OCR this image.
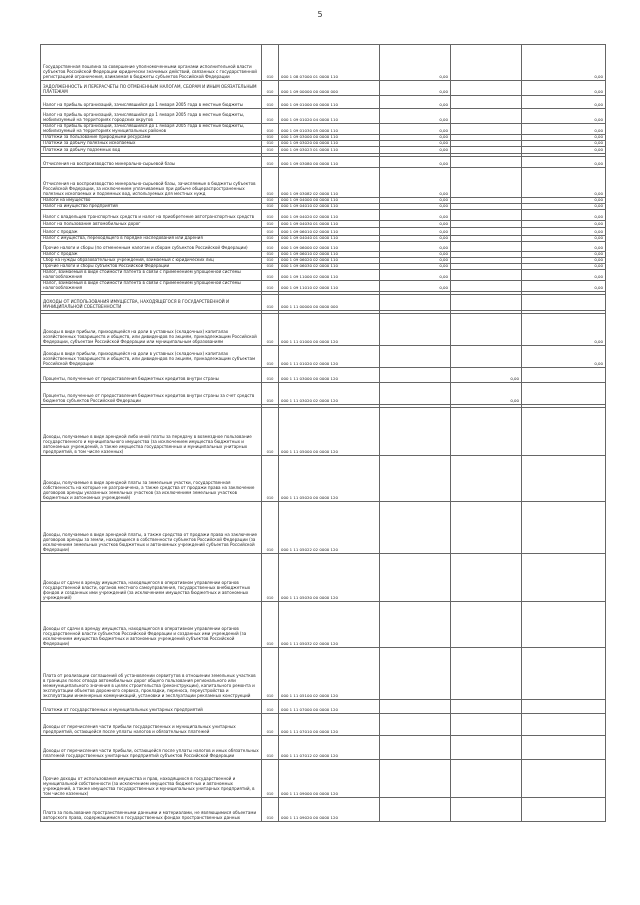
5
Государственная пошлина за совершение уполномоченными органами исполнительной власти субъектов Российской Федерации юридически значимых действий, связанных с государственной регистрацией ограничения, взимаемая в бюджеты субъектов Российской Федерации	010	000 1 08 07000 01 0000 110	0,00		0,00
ЗАДОЛЖЕННОСТЬ И ПЕРЕРАСЧЕТЫ ПО ОТМЕНЕННЫМ НАЛОГАМ, СБОРАМ И ИНЫМ ОБЯЗАТЕЛЬНЫМ ПЛАТЕЖАМ	010	000 1 09 00000 00 0000 000	0,00		0,00
Налог на прибыль организаций, зачислявшийся до 1 января 2005 года в местные бюджеты	010	000 1 09 01000 00 0000 110	0,00		0,00
Налог на прибыль организаций, зачислявшийся до 1 января 2005 года в местные бюджеты, мобилизуемый на территориях городских округов	010	000 1 09 01020 04 0000 110	0,00		0,00
Налог на прибыль организаций, зачислявшийся до 1 января 2005 года в местные бюджеты, мобилизуемый на территориях муниципальных районов	010	000 1 09 01030 05 0000 110	0,00		0,00
Платежи за пользование природными ресурсами	010	000 1 09 03000 00 0000 110	0,00		0,00
Платежи за добычу полезных ископаемых	010	000 1 09 03020 00 0000 110	0,00		0,00
Платежи за добычу подземных вод	010	000 1 09 03023 01 0000 110	0,00		0,00

Отчисления на воспроизводство минерально-сырьевой базы	010	000 1 09 03080 00 0000 110	0,00		0,00
Отчисления на воспроизводство минерально-сырьевой базы, зачисляемые в бюджеты субъектов Российской Федерации, за исключением уплачиваемых при добыче общераспространенных полезных ископаемых и подземных вод, используемых для местных нужд	010	000 1 09 03082 02 0000 110	0,00		0,00
Налоги на имущество	010	000 1 09 04000 00 0000 110	0,00		0,00
Налог на имущество предприятий	010	000 1 09 04010 02 0000 110	0,00		0,00
Налог с владельцев транспортных средств и налог на приобретение автотранспортных средств	010	000 1 09 04020 02 0000 110	0,00		0,00
Налог на пользование автомобильных дорог	010	000 1 09 04030 01 0000 110	0,00		0,00
Налог с продаж	010	000 1 09 06010 02 0000 110	0,00		0,00
Налог с имущества, переходящего в порядке наследования или дарения	010	000 1 09 04040 01 0000 110	0,00		0,00
Прочие налоги и сборы (по отмененным налогам и сборам субъектов Российской Федерации)	010	000 1 09 06000 02 0000 110	0,00		0,00
Налог с продаж	010	000 1 09 06010 02 0000 110	0,00		0,00
Сбор на нужды образовательных учреждений, взимаемый с юридических лиц	010	000 1 09 06020 02 0000 110	0,00		0,00
Прочие налоги и сборы субъектов Российской Федерации	010	000 1 09 06030 02 0000 110	0,00		0,00
Налог, взимаемый в виде стоимости патента в связи с применением упрощенной системы налогообложения	010	000 1 09 11000 02 0000 110	0,00		0,00
Налог, взимаемый в виде стоимости патента в связи с применением упрощенной системы налогообложения	010	000 1 09 11010 02 0000 110	0,00		0,00

ДОХОДЫ ОТ ИСПОЛЬЗОВАНИЯ ИМУЩЕСТВА, НАХОДЯЩЕГОСЯ В ГОСУДАРСТВЕННОЙ И МУНИЦИПАЛЬНОЙ СОБСТВЕННОСТИ	010	000 1 11 00000 00 0000 000			

Доходы в виде прибыли, приходящейся на доли в уставных (складочных) капиталах хозяйственных товариществ и обществ, или дивидендов по акциям, принадлежащим Российской Федерации, субъектам Российской Федерации или муниципальным образованиям	010	000 1 11 01000 00 0000 120			0,00
Доходы в виде прибыли, приходящейся на доли в уставных (складочных) капиталах хозяйственных товариществ и обществ, или дивидендов по акциям, принадлежащим субъектам Российской Федерации	010	000 1 11 01020 02 0000 120			0,00
Проценты, полученные от предоставления бюджетных кредитов внутри страны	010	000 1 11 03000 00 0000 120		0,00	
Проценты, полученные от предоставления бюджетных кредитов внутри страны за счет средств бюджетов субъектов Российской Федерации	010	000 1 11 03020 02 0000 120		0,00	

Доходы, получаемые в виде арендной либо иной платы за передачу в возмездное пользование государственного и муниципального имущества (за исключением имущества бюджетных и автономных учреждений, а также имущества государственных и муниципальных унитарных предприятий, в том числе казенных)	010	000 1 11 05000 00 0000 120			
Доходы, получаемые в виде арендной платы за земельные участки, государственная собственность на которые не разграничена, а также средства от продажи права на заключение договоров аренды указанных земельных участков (за исключением земельных участков бюджетных и автономных учреждений)	010	000 1 11 05020 00 0000 120			
Доходы, получаемые в виде арендной платы, а также средства от продажи права на заключение договоров аренды за земли, находящиеся в собственности субъектов Российской Федерации (за исключением земельных участков бюджетных и автономных учреждений субъектов Российской Федерации)	010	000 1 11 05022 02 0000 120			
Доходы от сдачи в аренду имущества, находящегося в оперативном управлении органов государственной власти, органов местного самоуправления, государственных внебюджетных фондов и созданных ими учреждений (за исключением имущества бюджетных и автономных учреждений)	010	000 1 11 05030 00 0000 120			
Доходы от сдачи в аренду имущества, находящегося в оперативном управлении органов государственной власти субъектов Российской Федерации и созданных ими учреждений (за исключением имущества бюджетных и автономных учреждений субъектов Российской Федерации)	010	000 1 11 05032 02 0000 120			
Плата от реализации соглашений об установлении сервитутов в отношении земельных участков в границах полос отвода автомобильных дорог общего пользования регионального или межмуниципального значения в целях строительства (реконструкции), капитального ремонта и эксплуатации объектов дорожного сервиса, прокладки, переноса, переустройства и эксплуатации инженерных коммуникаций, установки и эксплуатации рекламных конструкций	010	000 1 11 05100 02 0000 120			
Платежи от государственных и муниципальных унитарных предприятий	010	000 1 11 07000 00 0000 120			
Доходы от перечисления части прибыли государственных и муниципальных унитарных предприятий, остающейся после уплаты налогов и обязательных платежей	010	000 1 11 07010 00 0000 120			
Доходы от перечисления части прибыли, остающейся после уплаты налогов и иных обязательных платежей государственных унитарных предприятий субъектов Российской Федерации	010	000 1 11 07012 02 0000 120			
Прочие доходы от использования имущества и прав, находящихся в государственной и муниципальной собственности (за исключением имущества бюджетных и автономных учреждений, а также имущества государственных и муниципальных унитарных предприятий, в том числе казенных)	010	000 1 11 09000 00 0000 120			
Плата за пользование пространственными данными и материалами, не являющимися объектами авторского права, содержащимися в государственных фондах пространственных данных	010	000 1 11 09020 00 0000 120			
